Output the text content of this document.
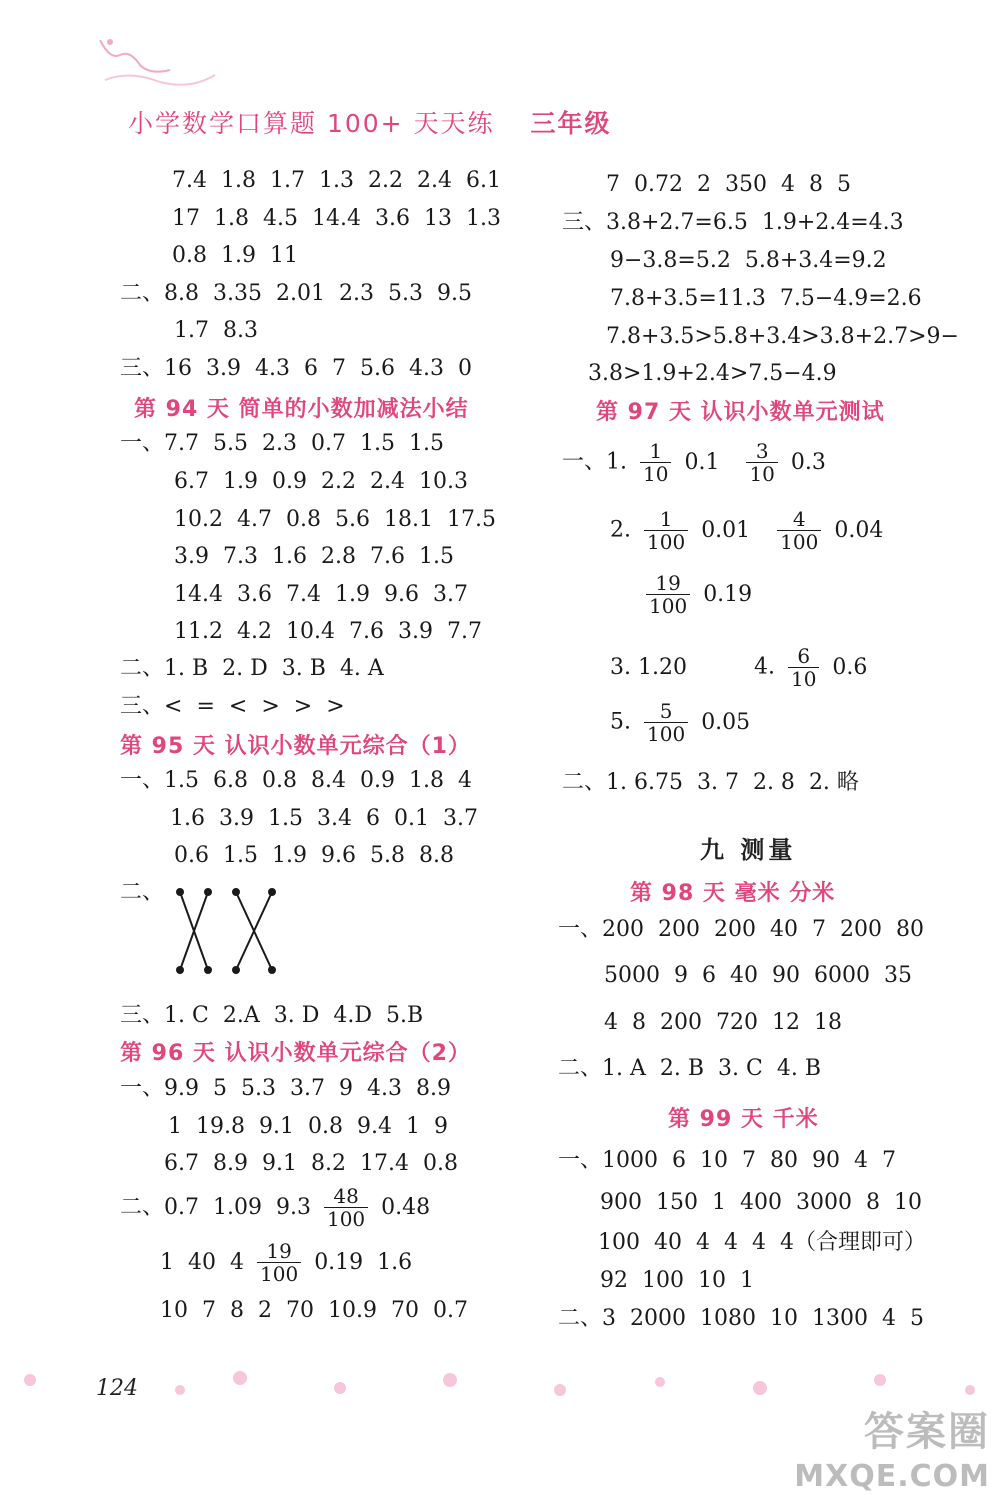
小学数学口算题 100+ 天天练 三年级
7.4 1.8 1.7 1.3 2.2 2.4 6.1
17 1.8 4.5 14.4 3.6 13 1.3
0.8 1.9 11
二、8.8 3.35 2.01 2.3 5.3 9.5
1.7 8.3
三、16 3.9 4.3 6 7 5.6 4.3 0
第 94 天 简单的小数加减法小结
一、7.7 5.5 2.3 0.7 1.5 1.5
6.7 1.9 0.9 2.2 2.4 10.3
10.2 4.7 0.8 5.6 18.1 17.5
3.9 7.3 1.6 2.8 7.6 1.5
14.4 3.6 7.4 1.9 9.6 3.7
11.2 4.2 10.4 7.6 3.9 7.7
二、1. B 2. D 3. B 4. A
三、< = < > > >
第 95 天 认识小数单元综合（1）
一、1.5 6.8 0.8 8.4 0.9 1.8 4
1.6 3.9 1.5 3.4 6 0.1 3.7
0.6 1.5 1.9 9.6 5.8 8.8
二、
三、1. C 2.A 3. D 4.D 5.B
第 96 天 认识小数单元综合（2）
一、9.9 5 5.3 3.7 9 4.3 8.9
1 19.8 9.1 0.8 9.4 1 9
6.7 8.9 9.1 8.2 17.4 0.8
二、0.7 1.09 $9.3 \frac{48}{100} 0.48$
1 40 $4 \frac{19}{100} 0.19$ 1.6
10 7 8 2 70 10.9 70 0.7
7 0.72 2 350 4 8 5
三、3.8+2.7=6.5 1.9+2.4=4.3
9−3.8=5.2 5.8+3.4=9.2
7.8+3.5=11.3 7.5−4.9=2.6
7.8+3.5>5.8+3.4>3.8+2.7>9−
3.8>1.9+2.4>7.5−4.9
第 97 天 认识小数单元测试
一、1. $\frac{1}{10} 0.1 \frac{3}{10} 0.3$
2. $\frac{1}{100} 0.01 \frac{4}{100} 0.04$
$\frac{19}{100} 0.19$
3. 1.20	4. $\frac{6}{10} 0.6$
5. $\frac{5}{100} 0.05$
二、1. 6.75 3. 7 2. 8 2. 略
九 测量
第 98 天 毫米 分米
一、200 200 200 40 7 200 80
5000 9 6 40 90 6000 35
4 8 200 720 12 18
二、1. A 2. B 3. C 4. B
第 99 天 千米
一、1000 6 10 7 80 90 4 7
900 150 1 400 3000 8 10
100 40 4 4 4 4（合理即可）
92 100 10 1
二、3 2000 1080 10 1300 4 5
124
答案圈
MXQE.COM
